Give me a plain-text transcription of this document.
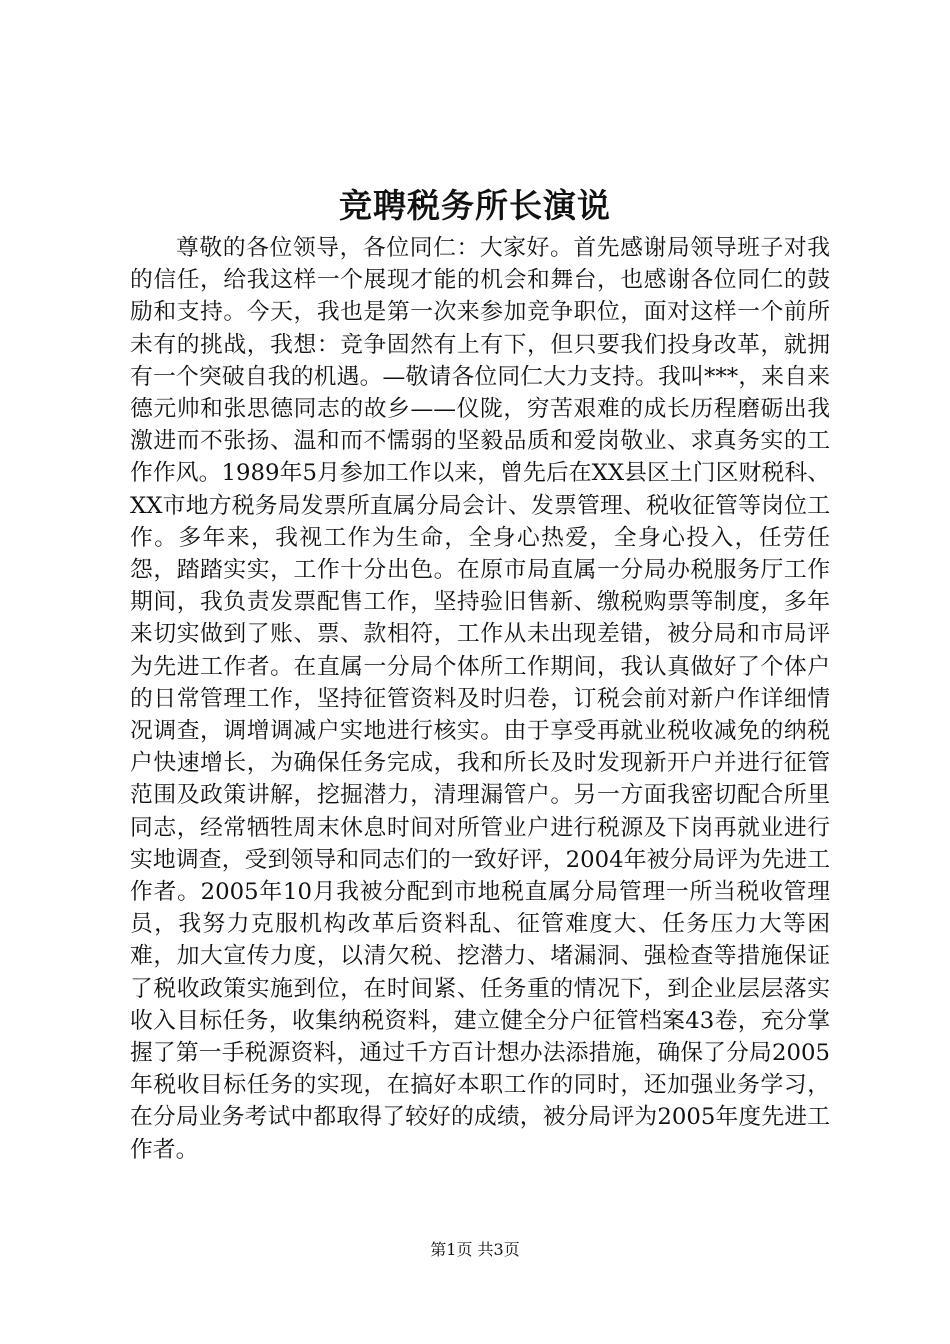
竞聘税务所长演说

尊敬的各位领导，各位同仁：大家好。首先感谢局领导班子对我的信任，给我这样一个展现才能的机会和舞台，也感谢各位同仁的鼓励和支持。今天，我也是第一次来参加竞争职位，面对这样一个前所未有的挑战，我想：竞争固然有上有下，但只要我们投身改革，就拥有一个突破自我的机遇。—敬请各位同仁大力支持。我叫***，来自来德元帅和张思德同志的故乡——仪陇，穷苦艰难的成长历程磨砺出我激进而不张扬、温和而不懦弱的坚毅品质和爱岗敬业、求真务实的工作作风。1989年5月参加工作以来，曾先后在XX县区土门区财税科、XX市地方税务局发票所直属分局会计、发票管理、税收征管等岗位工作。多年来，我视工作为生命，全身心热爱，全身心投入，任劳任怨，踏踏实实，工作十分出色。在原市局直属一分局办税服务厅工作期间，我负责发票配售工作，坚持验旧售新、缴税购票等制度，多年来切实做到了账、票、款相符，工作从未出现差错，被分局和市局评为先进工作者。在直属一分局个体所工作期间，我认真做好了个体户的日常管理工作，坚持征管资料及时归卷，订税会前对新户作详细情况调查，调增调减户实地进行核实。由于享受再就业税收减免的纳税户快速增长，为确保任务完成，我和所长及时发现新开户并进行征管范围及政策讲解，挖掘潜力，清理漏管户。另一方面我密切配合所里同志，经常牺牲周末休息时间对所管业户进行税源及下岗再就业进行实地调查，受到领导和同志们的一致好评，2004年被分局评为先进工作者。2005年10月我被分配到市地税直属分局管理一所当税收管理员，我努力克服机构改革后资料乱、征管难度大、任务压力大等困难，加大宣传力度，以清欠税、挖潜力、堵漏洞、强检查等措施保证了税收政策实施到位，在时间紧、任务重的情况下，到企业层层落实收入目标任务，收集纳税资料，建立健全分户征管档案43卷，充分掌握了第一手税源资料，通过千方百计想办法添措施，确保了分局2005年税收目标任务的实现，在搞好本职工作的同时，还加强业务学习，在分局业务考试中都取得了较好的成绩，被分局评为2005年度先进工作者。

第1页 共3页
